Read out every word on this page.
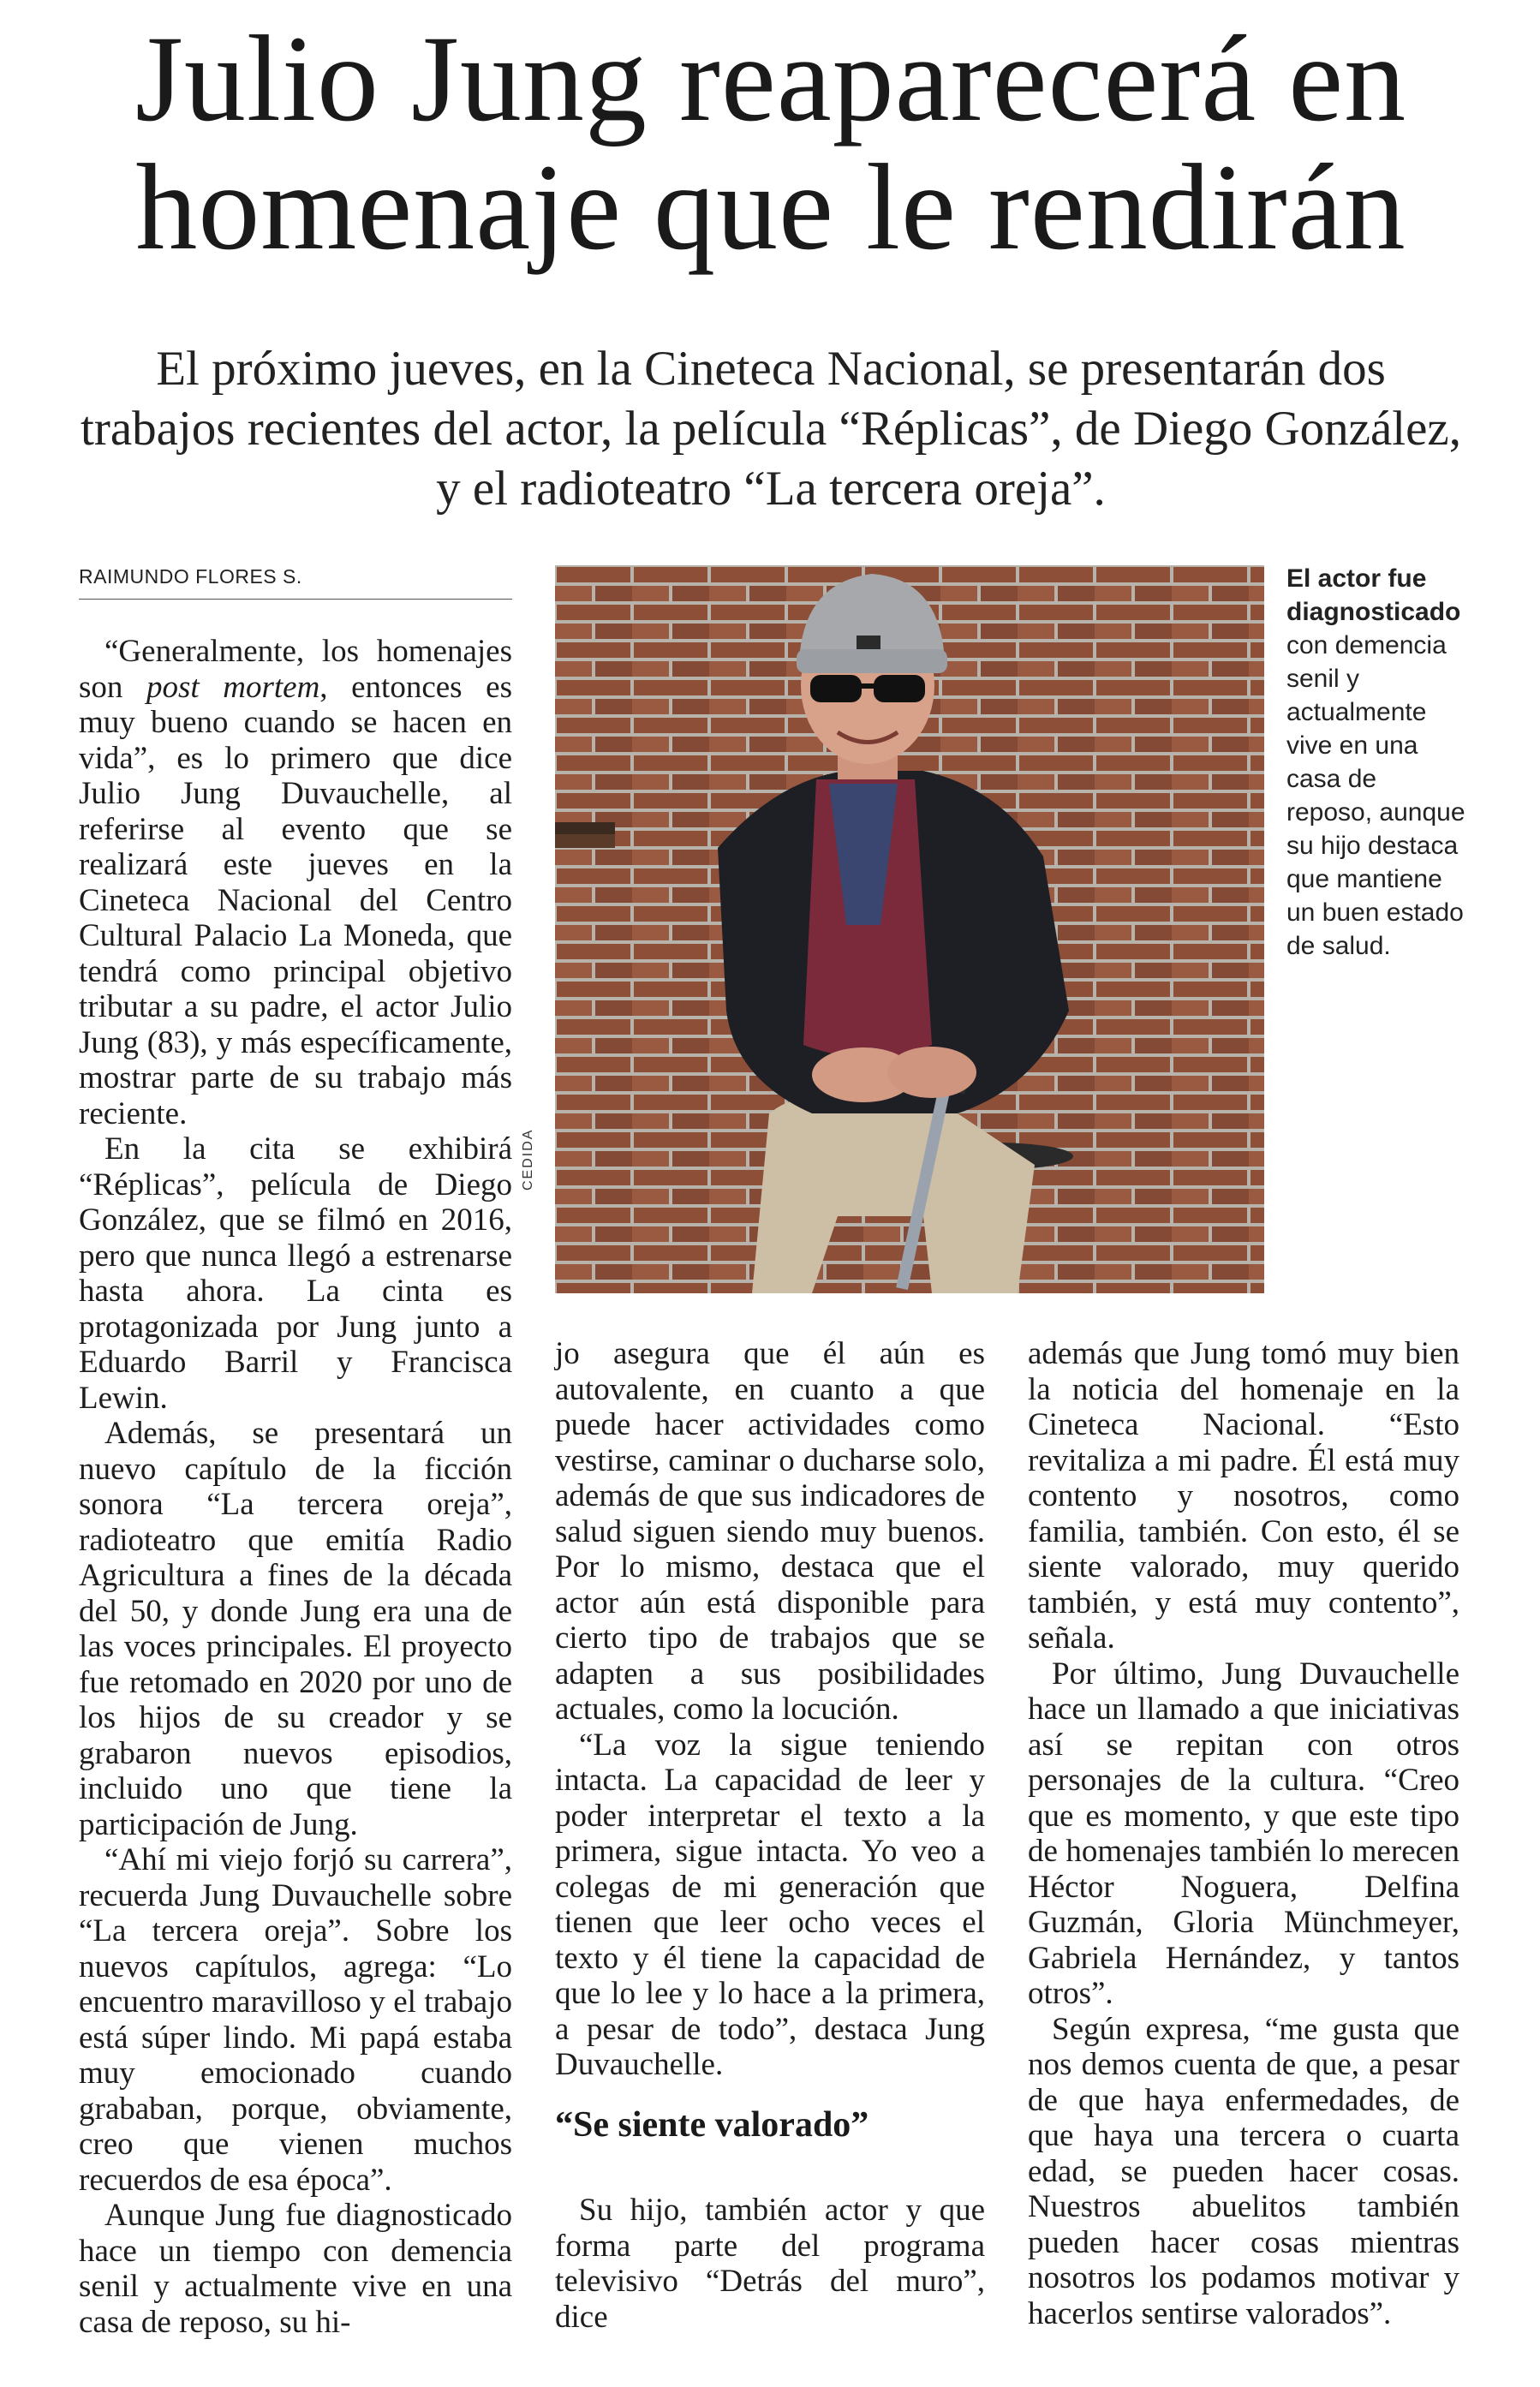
Julio Jung reaparecerá en homenaje que le rendirán

El próximo jueves, en la Cineteca Nacional, se presentarán dos trabajos recientes del actor, la película “Réplicas”, de Diego González, y el radioteatro “La tercera oreja”.

RAIMUNDO FLORES S.

“Generalmente, los homenajes son post mortem, entonces es muy bueno cuando se hacen en vida”, es lo primero que dice Julio Jung Duvauchelle, al referirse al evento que se realizará este jueves en la Cineteca Nacional del Centro Cultural Palacio La Moneda, que tendrá como principal objetivo tributar a su padre, el actor Julio Jung (83), y más específicamente, mostrar parte de su trabajo más reciente.

En la cita se exhibirá “Réplicas”, película de Diego González, que se filmó en 2016, pero que nunca llegó a estrenarse hasta ahora. La cinta es protagonizada por Jung junto a Eduardo Barril y Francisca Lewin.

Además, se presentará un nuevo capítulo de la ficción sonora “La tercera oreja”, radioteatro que emitía Radio Agricultura a fines de la década del 50, y donde Jung era una de las voces principales. El proyecto fue retomado en 2020 por uno de los hijos de su creador y se grabaron nuevos episodios, incluido uno que tiene la participación de Jung.

“Ahí mi viejo forjó su carrera”, recuerda Jung Duvauchelle sobre “La tercera oreja”. Sobre los nuevos capítulos, agrega: “Lo encuentro maravilloso y el trabajo está súper lindo. Mi papá estaba muy emocionado cuando grababan, porque, obviamente, creo que vienen muchos recuerdos de esa época”.

Aunque Jung fue diagnosticado hace un tiempo con demencia senil y actualmente vive en una casa de reposo, su hi-

CEDIDA
El actor fue diagnosticado con demencia senil y actualmente vive en una casa de reposo, aunque su hijo destaca que mantiene un buen estado de salud.

jo asegura que él aún es autovalente, en cuanto a que puede hacer actividades como vestirse, caminar o ducharse solo, además de que sus indicadores de salud siguen siendo muy buenos. Por lo mismo, destaca que el actor aún está disponible para cierto tipo de trabajos que se adapten a sus posibilidades actuales, como la locución.

“La voz la sigue teniendo intacta. La capacidad de leer y poder interpretar el texto a la primera, sigue intacta. Yo veo a colegas de mi generación que tienen que leer ocho veces el texto y él tiene la capacidad de que lo lee y lo hace a la primera, a pesar de todo”, destaca Jung Duvauchelle.

“Se siente valorado”

Su hijo, también actor y que forma parte del programa televisivo “Detrás del muro”, dice

además que Jung tomó muy bien la noticia del homenaje en la Cineteca Nacional. “Esto revitaliza a mi padre. Él está muy contento y nosotros, como familia, también. Con esto, él se siente valorado, muy querido también, y está muy contento”, señala.

Por último, Jung Duvauchelle hace un llamado a que iniciativas así se repitan con otros personajes de la cultura. “Creo que es momento, y que este tipo de homenajes también lo merecen Héctor Noguera, Delfina Guzmán, Gloria Münchmeyer, Gabriela Hernández, y tantos otros”.

Según expresa, “me gusta que nos demos cuenta de que, a pesar de que haya enfermedades, de que haya una tercera o cuarta edad, se pueden hacer cosas. Nuestros abuelitos también pueden hacer cosas mientras nosotros los podamos motivar y hacerlos sentirse valorados”.
